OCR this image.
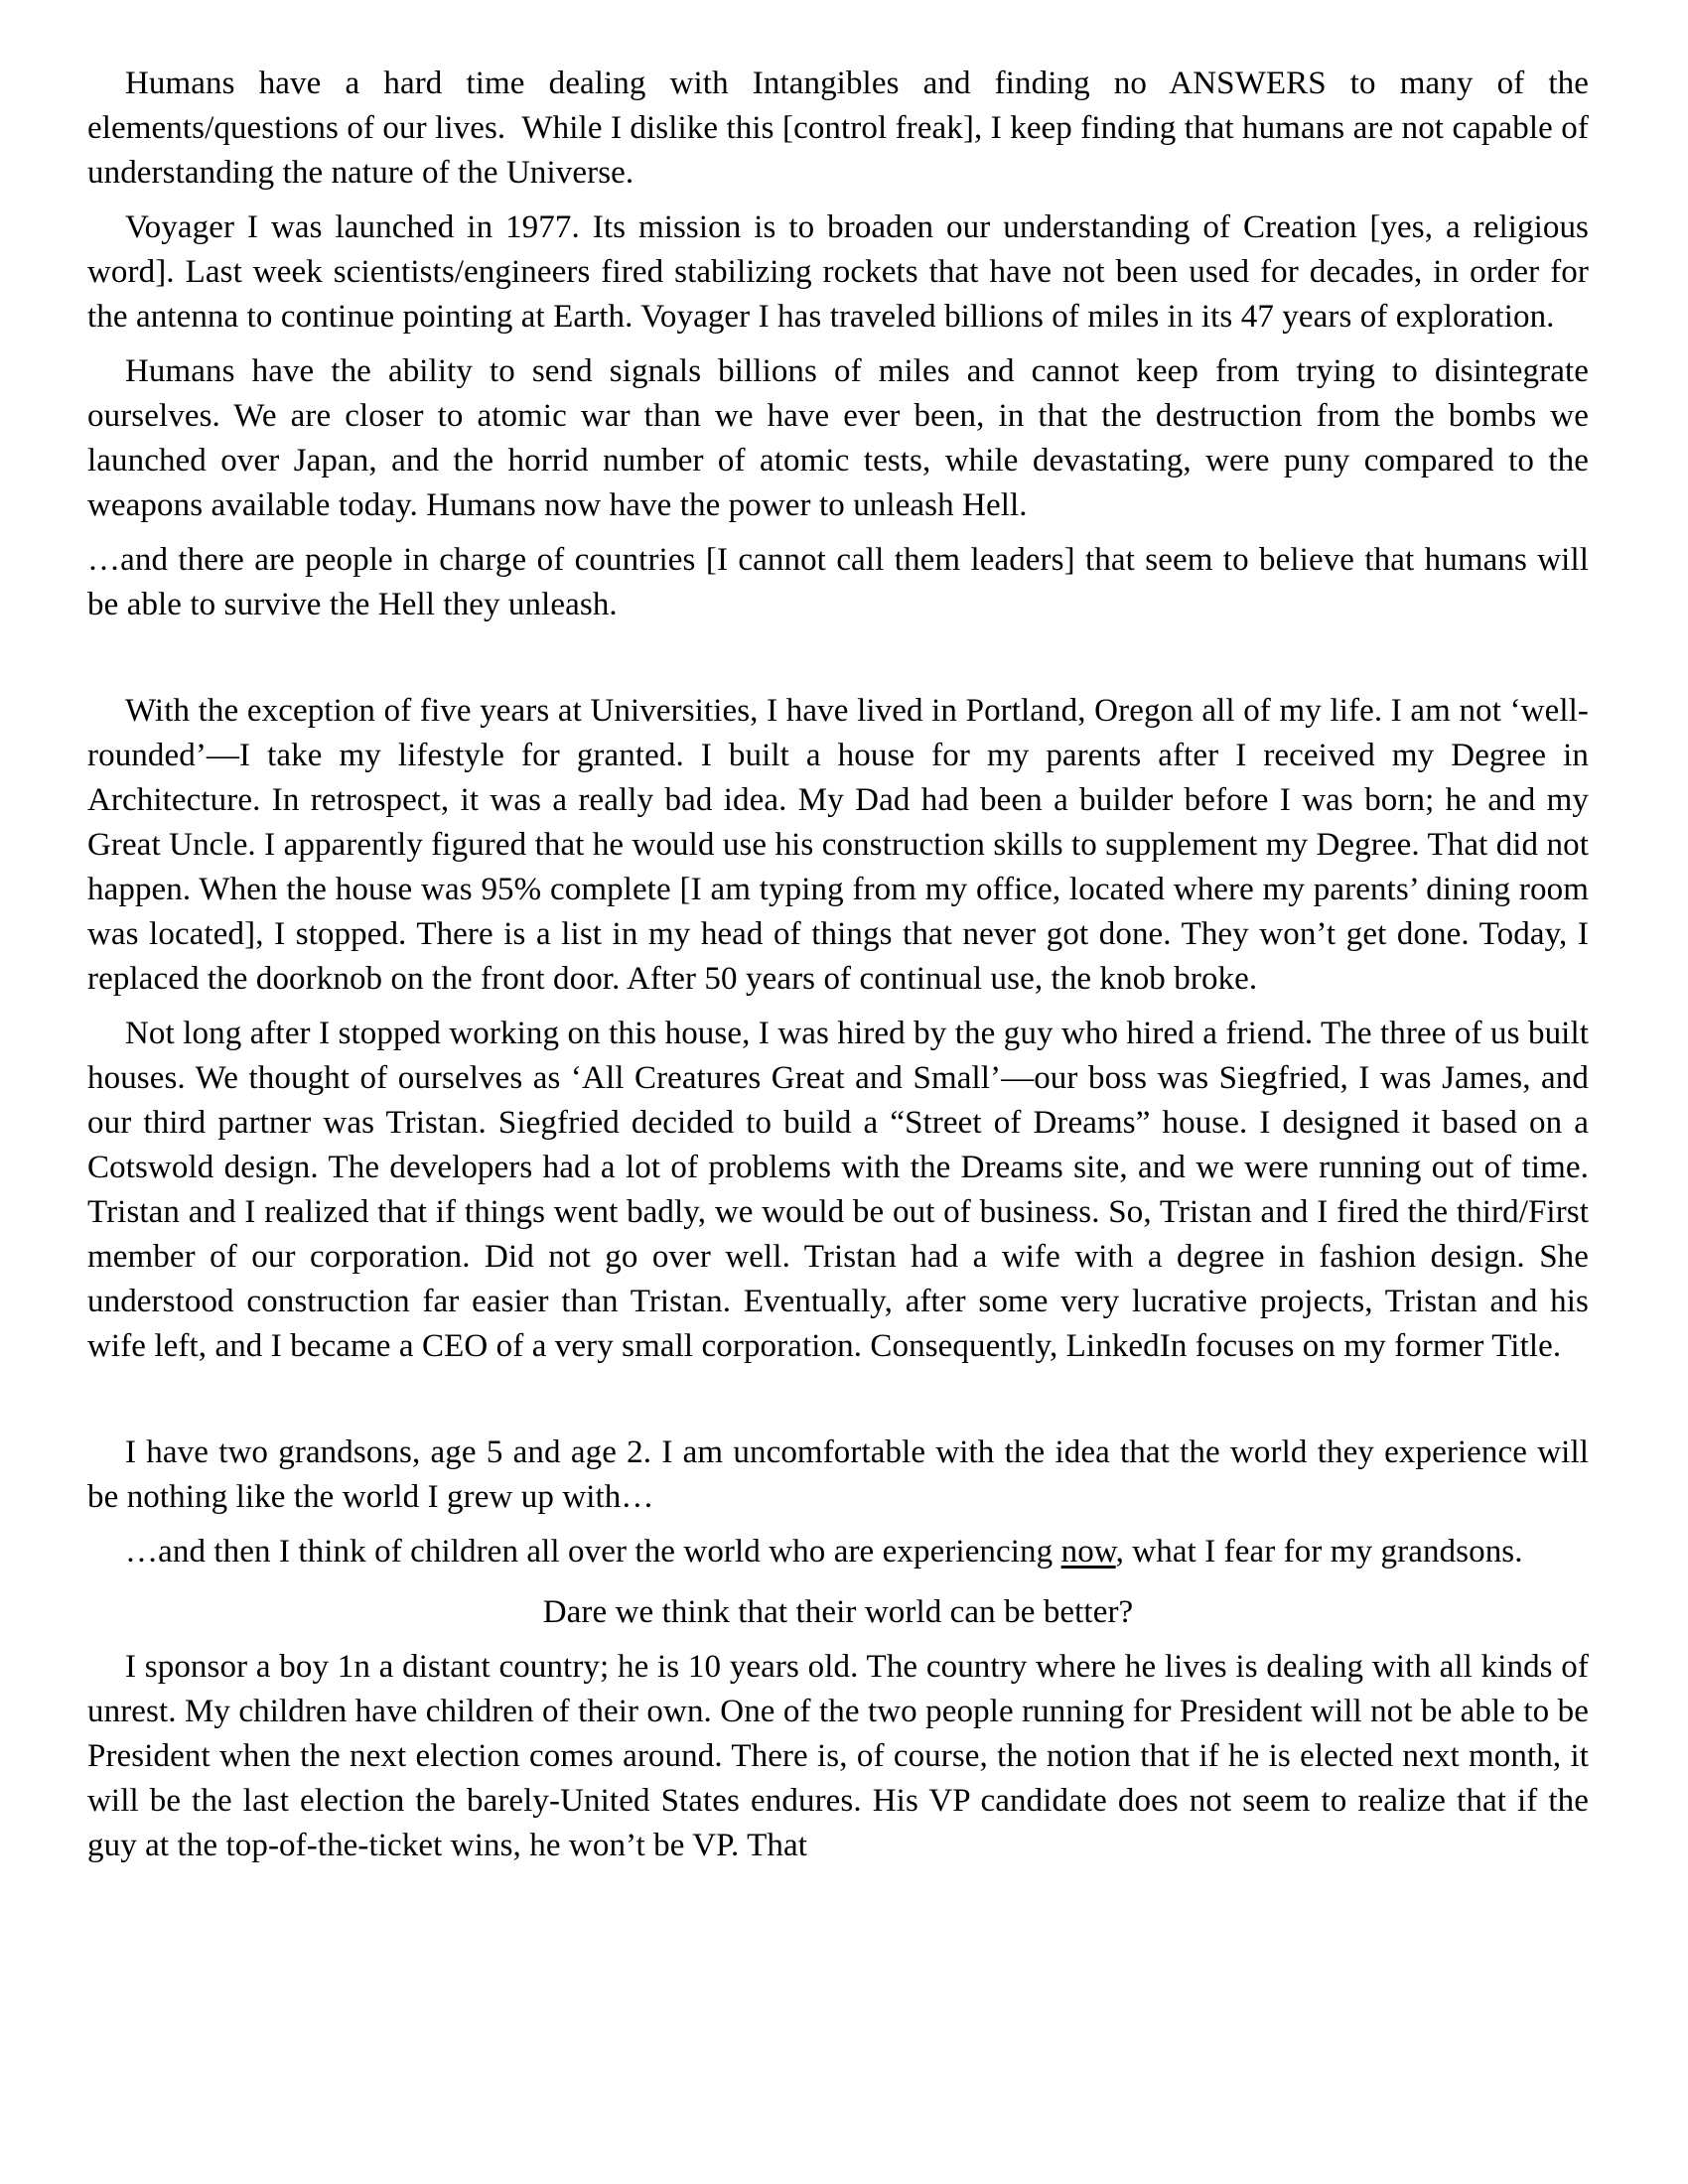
Humans have a hard time dealing with Intangibles and finding no ANSWERS to many of the elements/questions of our lives.  While I dislike this [control freak], I keep finding that humans are not capable of understanding the nature of the Universe.

Voyager I was launched in 1977. Its mission is to broaden our understanding of Creation [yes, a religious word]. Last week scientists/engineers fired stabilizing rockets that have not been used for decades, in order for the antenna to continue pointing at Earth. Voyager I has traveled billions of miles in its 47 years of exploration.

Humans have the ability to send signals billions of miles and cannot keep from trying to disintegrate ourselves. We are closer to atomic war than we have ever been, in that the destruction from the bombs we launched over Japan, and the horrid number of atomic tests, while devastating, were puny compared to the weapons available today. Humans now have the power to unleash Hell.

…and there are people in charge of countries [I cannot call them leaders] that seem to believe that humans will be able to survive the Hell they unleash.

With the exception of five years at Universities, I have lived in Portland, Oregon all of my life. I am not ‘well-rounded’—I take my lifestyle for granted. I built a house for my parents after I received my Degree in Architecture. In retrospect, it was a really bad idea. My Dad had been a builder before I was born; he and my Great Uncle. I apparently figured that he would use his construction skills to supplement my Degree. That did not happen. When the house was 95% complete [I am typing from my office, located where my parents’ dining room was located], I stopped. There is a list in my head of things that never got done. They won’t get done. Today, I replaced the doorknob on the front door. After 50 years of continual use, the knob broke.

Not long after I stopped working on this house, I was hired by the guy who hired a friend. The three of us built houses. We thought of ourselves as ‘All Creatures Great and Small’—our boss was Siegfried, I was James, and our third partner was Tristan. Siegfried decided to build a “Street of Dreams” house. I designed it based on a Cotswold design. The developers had a lot of problems with the Dreams site, and we were running out of time. Tristan and I realized that if things went badly, we would be out of business. So, Tristan and I fired the third/First member of our corporation. Did not go over well. Tristan had a wife with a degree in fashion design. She understood construction far easier than Tristan. Eventually, after some very lucrative projects, Tristan and his wife left, and I became a CEO of a very small corporation. Consequently, LinkedIn focuses on my former Title.

I have two grandsons, age 5 and age 2. I am uncomfortable with the idea that the world they experience will be nothing like the world I grew up with…

…and then I think of children all over the world who are experiencing now, what I fear for my grandsons.

Dare we think that their world can be better?

I sponsor a boy 1n a distant country; he is 10 years old. The country where he lives is dealing with all kinds of unrest. My children have children of their own. One of the two people running for President will not be able to be President when the next election comes around. There is, of course, the notion that if he is elected next month, it will be the last election the barely-United States endures. His VP candidate does not seem to realize that if the guy at the top-of-the-ticket wins, he won’t be VP. That
